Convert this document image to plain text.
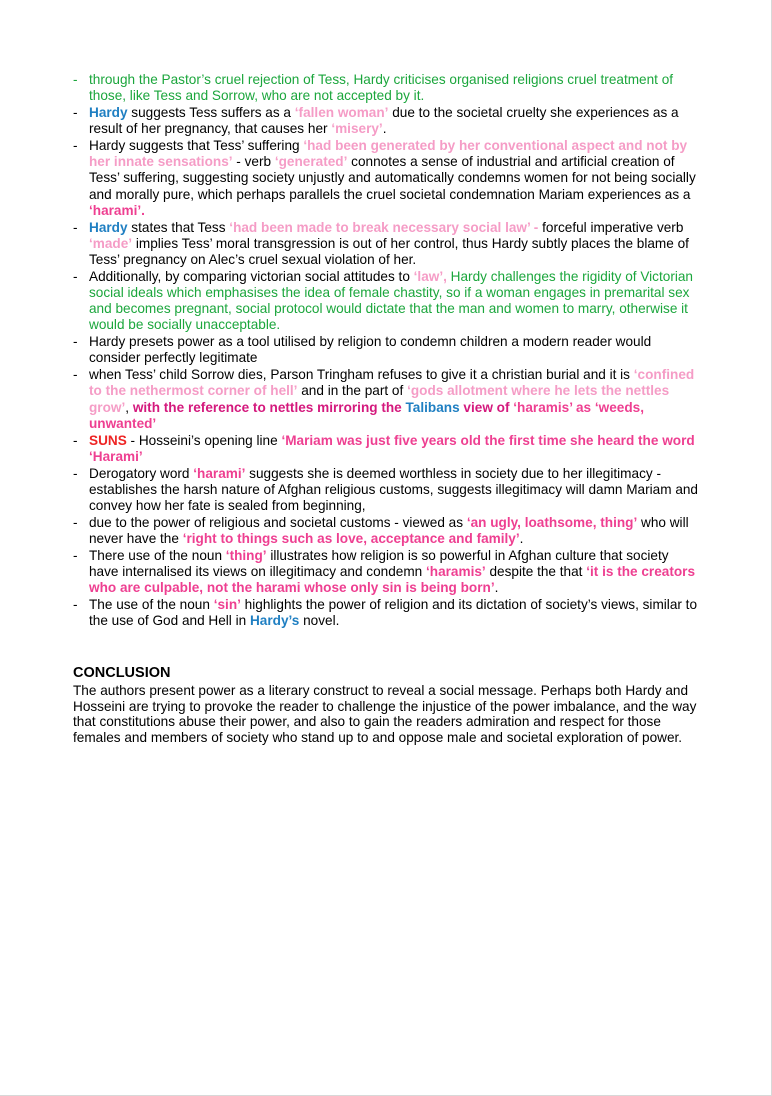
- through the Pastor’s cruel rejection of Tess, Hardy criticises organised religions cruel treatment of those, like Tess and Sorrow, who are not accepted by it.
- Hardy suggests Tess suffers as a ‘fallen woman’ due to the societal cruelty she experiences as a result of her pregnancy, that causes her ‘misery’.
- Hardy suggests that Tess’ suffering ‘had been generated by her conventional aspect and not by her innate sensations’ - verb ‘generated’ connotes a sense of industrial and artificial creation of Tess’ suffering, suggesting society unjustly and automatically condemns women for not being socially and morally pure, which perhaps parallels the cruel societal condemnation Mariam experiences as a ‘harami’.
- Hardy states that Tess ‘had been made to break necessary social law’ - forceful imperative verb ‘made’ implies Tess’ moral transgression is out of her control, thus Hardy subtly places the blame of Tess’ pregnancy on Alec’s cruel sexual violation of her.
- Additionally, by comparing victorian social attitudes to ‘law’, Hardy challenges the rigidity of Victorian social ideals which emphasises the idea of female chastity, so if a woman engages in premarital sex and becomes pregnant, social protocol would dictate that the man and women to marry, otherwise it would be socially unacceptable.
- Hardy presets power as a tool utilised by religion to condemn children a modern reader would consider perfectly legitimate
- when Tess’ child Sorrow dies, Parson Tringham refuses to give it a christian burial and it is ‘confined to the nethermost corner of hell’ and in the part of ‘gods allotment where he lets the nettles grow’, with the reference to nettles mirroring the Talibans view of ‘haramis’ as ‘weeds, unwanted’
- SUNS - Hosseini’s opening line ‘Mariam was just five years old the first time she heard the word ‘Harami’
- Derogatory word ‘harami’ suggests she is deemed worthless in society due to her illegitimacy - establishes the harsh nature of Afghan religious customs, suggests illegitimacy will damn Mariam and convey how her fate is sealed from beginning,
- due to the power of religious and societal customs - viewed as ‘an ugly, loathsome, thing’ who will never have the ‘right to things such as love, acceptance and family’.
- There use of the noun ‘thing’ illustrates how religion is so powerful in Afghan culture that society have internalised its views on illegitimacy and condemn ‘haramis’ despite the that ‘it is the creators who are culpable, not the harami whose only sin is being born’.
- The use of the noun ‘sin’ highlights the power of religion and its dictation of society’s views, similar to the use of God and Hell in Hardy’s novel.
CONCLUSION

The authors present power as a literary construct to reveal a social message. Perhaps both Hardy and Hosseini are trying to provoke the reader to challenge the injustice of the power imbalance, and the way that constitutions abuse their power, and also to gain the readers admiration and respect for those females and members of society who stand up to and oppose male and societal exploration of power.
